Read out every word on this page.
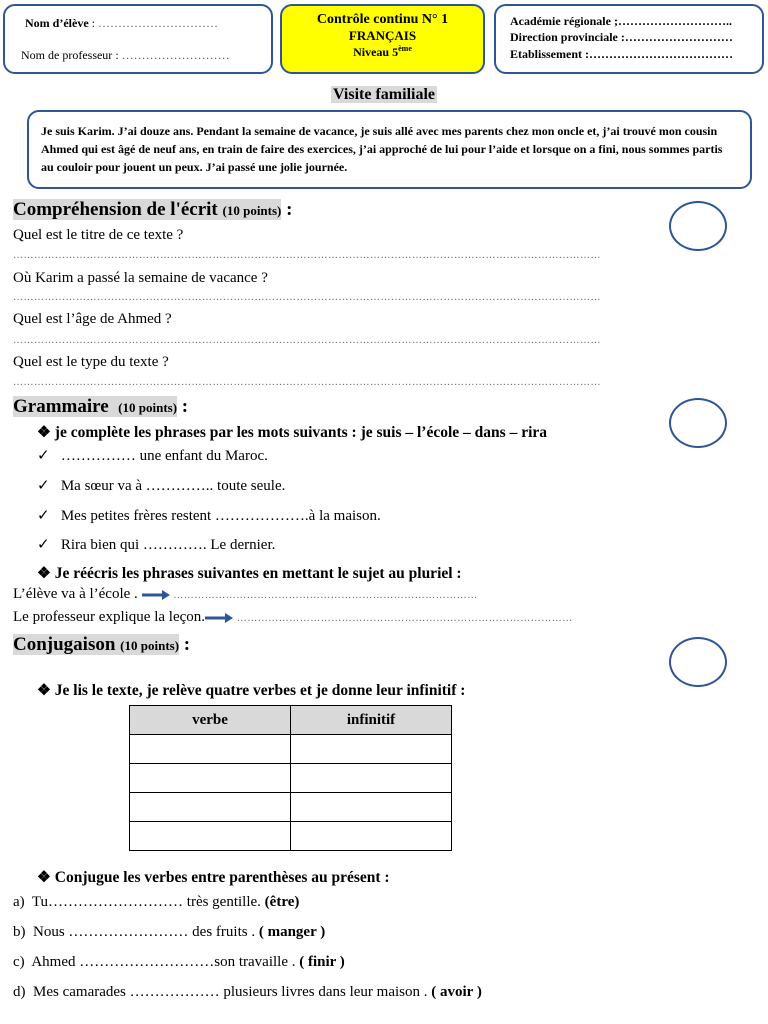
Nom d’élève : …………………………
Nom de professeur : ………………………
Contrôle continu N° 1
FRANÇAIS
Niveau 5ème
Académie régionale ;………………………..
Direction provinciale :………………………
Etablissement :………………………………
Visite familiale
Je suis Karim. J’ai douze ans. Pendant la semaine de vacance, je suis allé avec mes parents chez mon oncle et, j’ai trouvé mon cousin Ahmed qui est âgé de neuf ans, en train de faire des exercices, j’ai approché de lui pour l’aide et lorsque on a fini, nous sommes partis au couloir pour jouent un peux. J’ai passé une jolie journée.
Compréhension de l'écrit (10 points) :
Quel est le titre de ce texte ?
……………………………………………………………………………………………………………………………………………………
Où Karim a passé la semaine de vacance ?
……………………………………………………………………………………………………………………………………………………
Quel est l’âge de Ahmed ?
……………………………………………………………………………………………………………………………………………………
Quel est le type du texte ?
……………………………………………………………………………………………………………………………………………………
Grammaire (10 points) :
❖ je complète les phrases par les mots suivants : je suis – l’école – dans – rira
✓ …………… une enfant du Maroc.
✓ Ma sœur va à ………….. toute seule.
✓ Mes petites frères restent ……………….à la maison.
✓ Rira bien qui …………. Le dernier.
❖ Je réécris les phrases suivantes en mettant le sujet au pluriel :
L’élève va à l’école .	……………………………………………………………………………
Le professeur explique la leçon.	……………………………………………………………………………………
Conjugaison (10 points) :
❖ Je lis le texte, je relève quatre verbes et je donne leur infinitif :
verbe	infinitif

❖ Conjugue les verbes entre parenthèses au présent :
a) Tu……………………… très gentille. (être)
b) Nous …………………… des fruits . ( manger )
c) Ahmed ………………………son travaille . ( finir )
d) Mes camarades ……………… plusieurs livres dans leur maison . ( avoir )
